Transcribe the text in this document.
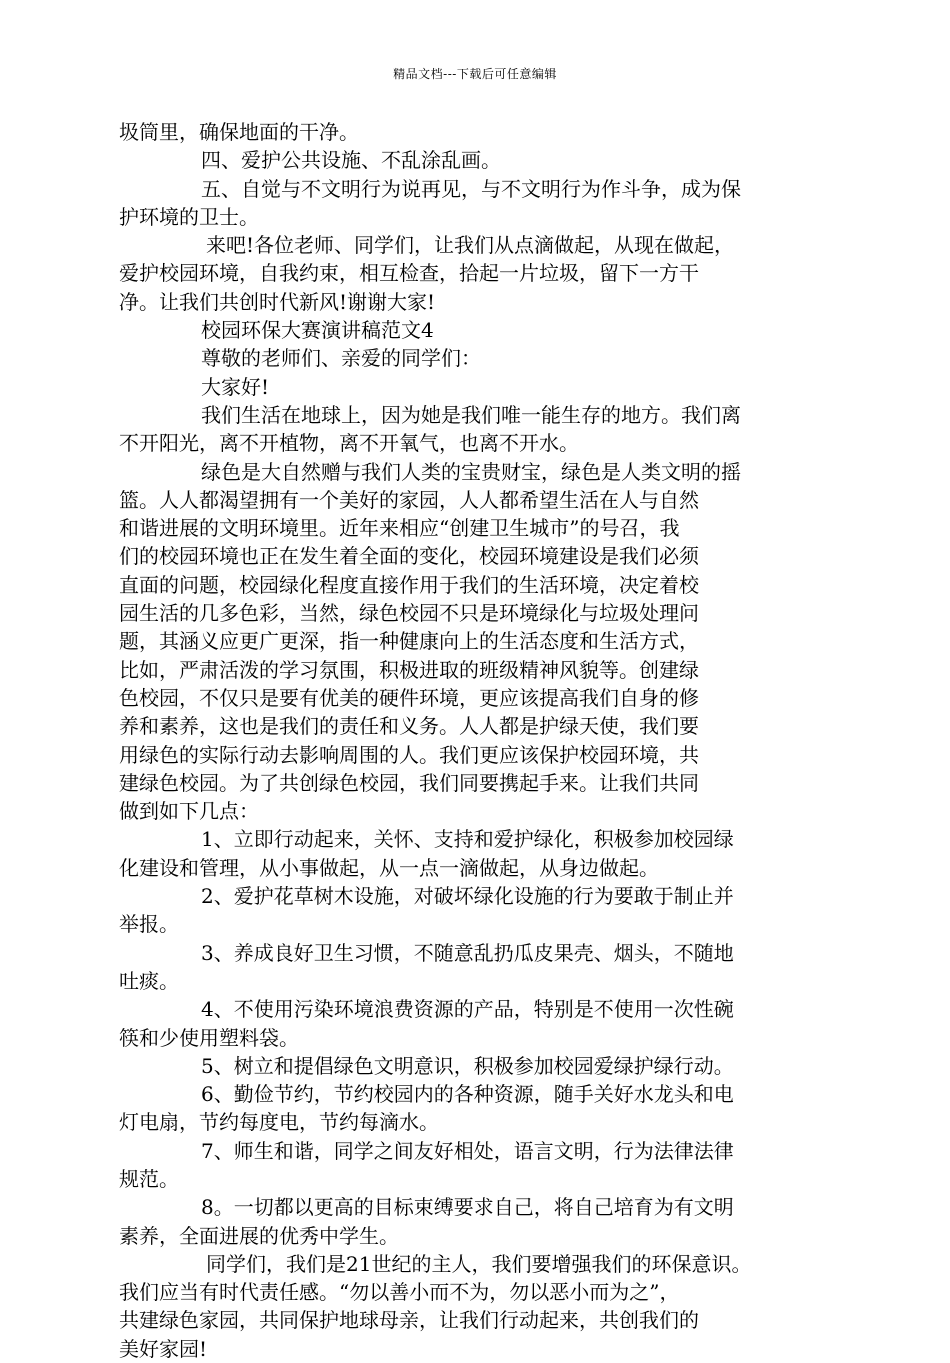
精品文档---下载后可任意编辑
圾筒里，确保地面的干净。
四、爱护公共设施、不乱涂乱画。
五、自觉与不文明行为说再见，与不文明行为作斗争，成为保
护环境的卫士。
来吧!各位老师、同学们，让我们从点滴做起，从现在做起，
爱护校园环境，自我约束，相互检查，拾起一片垃圾，留下一方干
净。让我们共创时代新风!谢谢大家!
校园环保大赛演讲稿范文4
尊敬的老师们、亲爱的同学们：
大家好!
我们生活在地球上，因为她是我们唯一能生存的地方。我们离
不开阳光，离不开植物，离不开氧气，也离不开水。
绿色是大自然赠与我们人类的宝贵财宝，绿色是人类文明的摇
篮。人人都渴望拥有一个美好的家园，人人都希望生活在人与自然
和谐进展的文明环境里。近年来相应“创建卫生城市”的号召，我
们的校园环境也正在发生着全面的变化，校园环境建设是我们必须
直面的问题，校园绿化程度直接作用于我们的生活环境，决定着校
园生活的几多色彩，当然，绿色校园不只是环境绿化与垃圾处理问
题，其涵义应更广更深，指一种健康向上的生活态度和生活方式，
比如，严肃活泼的学习氛围，积极进取的班级精神风貌等。创建绿
色校园，不仅只是要有优美的硬件环境，更应该提高我们自身的修
养和素养，这也是我们的责任和义务。人人都是护绿天使，我们要
用绿色的实际行动去影响周围的人。我们更应该保护校园环境，共
建绿色校园。为了共创绿色校园，我们同要携起手来。让我们共同
做到如下几点：
1、立即行动起来，关怀、支持和爱护绿化，积极参加校园绿
化建设和管理，从小事做起，从一点一滴做起，从身边做起。
2、爱护花草树木设施，对破坏绿化设施的行为要敢于制止并
举报。
3、养成良好卫生习惯，不随意乱扔瓜皮果壳、烟头，不随地
吐痰。
4、不使用污染环境浪费资源的产品，特别是不使用一次性碗
筷和少使用塑料袋。
5、树立和提倡绿色文明意识，积极参加校园爱绿护绿行动。
6、勤俭节约，节约校园内的各种资源，随手关好水龙头和电
灯电扇，节约每度电，节约每滴水。
7、师生和谐，同学之间友好相处，语言文明，行为法律法律
规范。
8。一切都以更高的目标束缚要求自己，将自己培育为有文明
素养，全面进展的优秀中学生。
同学们，我们是21世纪的主人，我们要增强我们的环保意识。
我们应当有时代责任感。“勿以善小而不为，勿以恶小而为之”，
共建绿色家园，共同保护地球母亲，让我们行动起来，共创我们的
美好家园!
